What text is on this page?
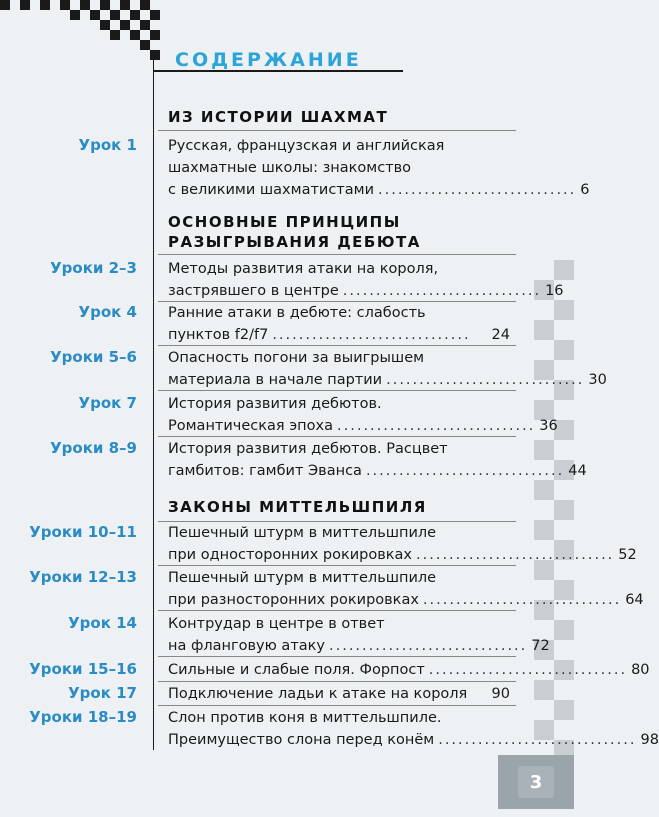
СОДЕРЖАНИЕ
ИЗ ИСТОРИИ ШАХМАТ
ОСНОВНЫЕ ПРИНЦИПЫ
РАЗЫГРЫВАНИЯ ДЕБЮТА
ЗАКОНЫ МИТТЕЛЬШПИЛЯ
Урок 1 Русская, французская и английская
шахматные школы: знакомство
с великими шахматистами .............................. 6
Уроки 2–3 Методы развития атаки на короля,
застрявшего в центре .............................. 16
Урок 4 Ранние атаки в дебюте: слабость
пунктов f2/f7 ..............................	24
Уроки 5–6 Опасность погони за выигрышем
материала в начале партии .............................. 30
Урок 7 История развития дебютов.
Романтическая эпоха .............................. 36
Уроки 8–9 История развития дебютов. Расцвет
гамбитов: гамбит Эванса .............................. 44
Уроки 10–11 Пешечный штурм в миттельшпиле
при односторонних рокировках .............................. 52
Уроки 12–13 Пешечный штурм в миттельшпиле
при разносторонних рокировках .............................. 64
Урок 14 Контрудар в центре в ответ
на фланговую атаку .............................. 72
Уроки 15–16 Сильные и слабые поля. Форпост .............................. 80
Урок 17 Подключение ладьи к атаке на короля 90
Уроки 18–19 Слон против коня в миттельшпиле.
Преимущество слона перед конём .............................. 98
3
